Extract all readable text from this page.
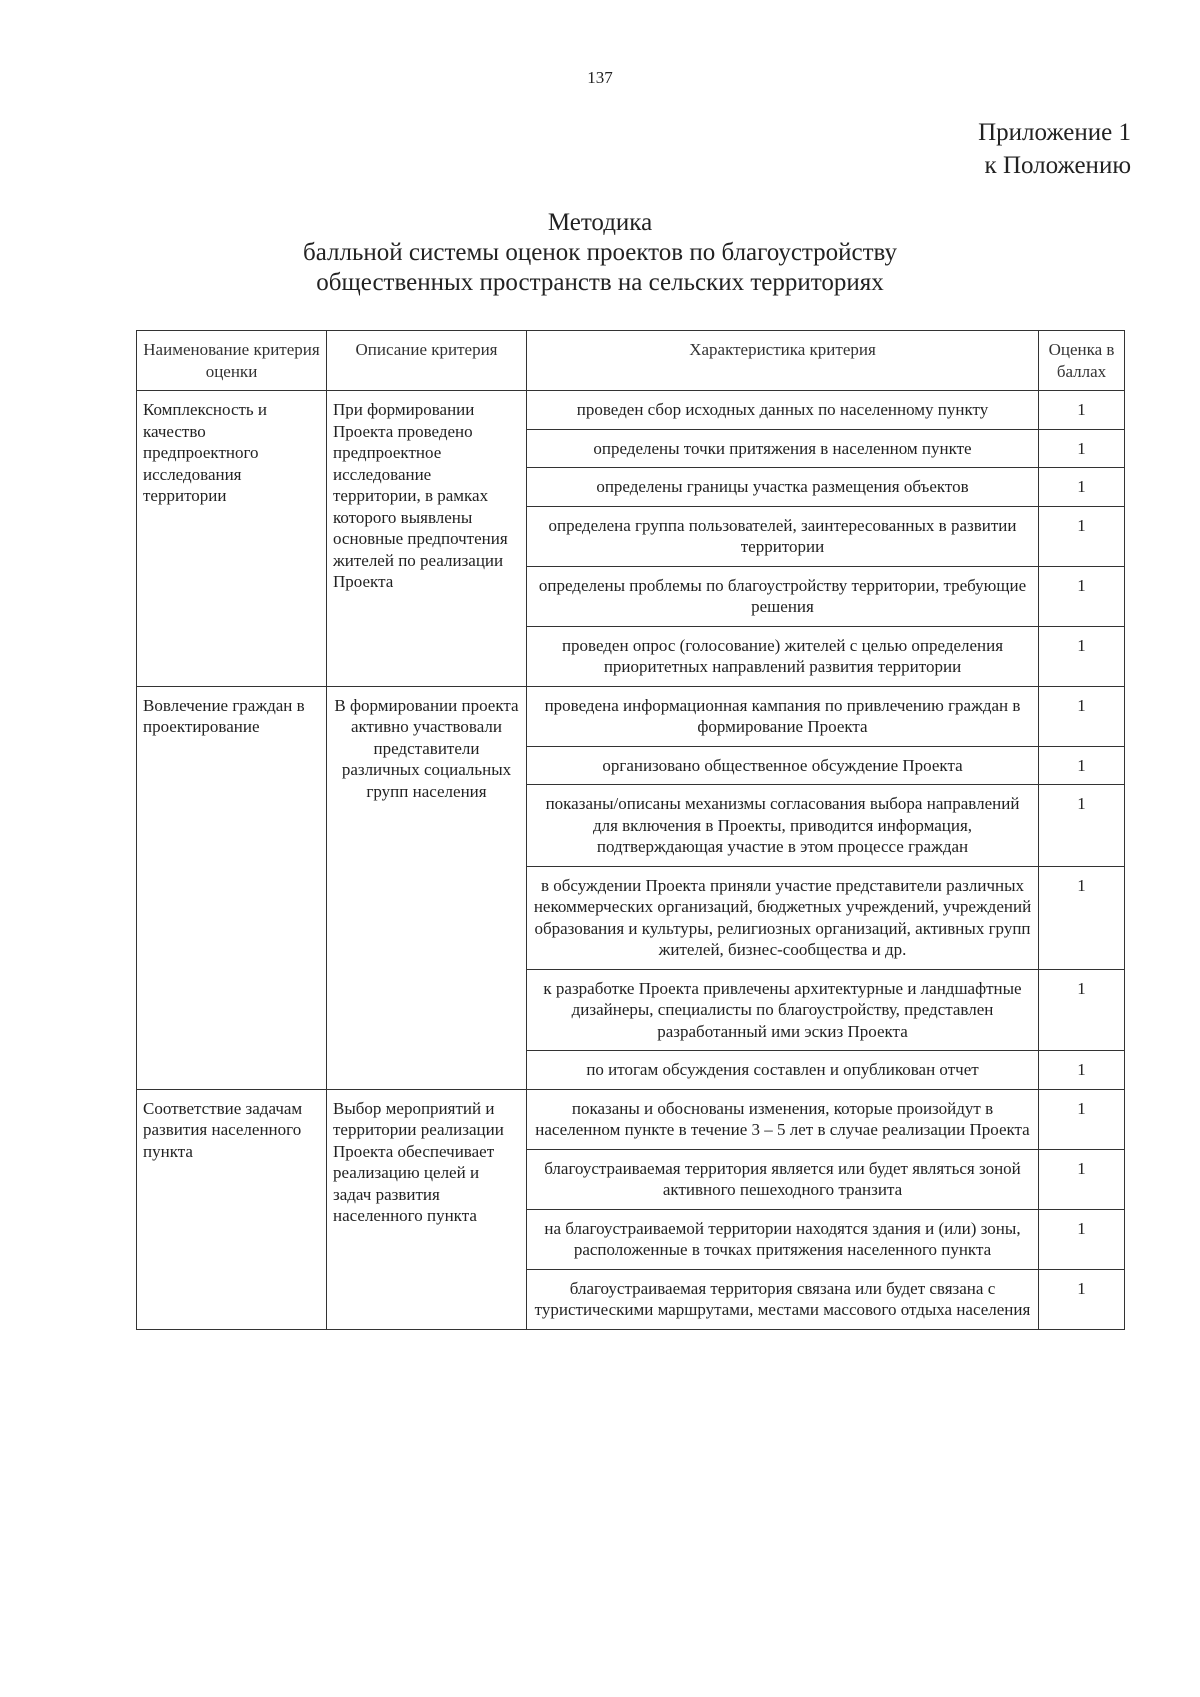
137
Приложение 1
к Положению
Методика
балльной системы оценок проектов по благоустройству
общественных пространств на сельских территориях
Наименование критерия оценки	Описание критерия	Характеристика критерия	Оценка в баллах
Комплексность и качество предпроектного исследования территории	При формировании Проекта проведено предпроектное исследование территории, в рамках которого выявлены основные предпочтения жителей по реализации Проекта	проведен сбор исходных данных по населенному пункту	1
		определены точки притяжения в населенном пункте	1
		определены границы участка размещения объектов	1
		определена группа пользователей, заинтересованных в развитии территории	1
		определены проблемы по благоустройству территории, требующие решения	1
		проведен опрос (голосование) жителей с целью определения приоритетных направлений развития территории	1
Вовлечение граждан в проектирование	В формировании проекта активно участвовали представители различных социальных групп населения	проведена информационная кампания по привлечению граждан в формирование Проекта	1
		организовано общественное обсуждение Проекта	1
		показаны/описаны механизмы согласования выбора направлений для включения в Проекты, приводится информация, подтверждающая участие в этом процессе граждан	1
		в обсуждении Проекта приняли участие представители различных некоммерческих организаций, бюджетных учреждений, учреждений образования и культуры, религиозных организаций, активных групп жителей, бизнес-сообщества и др.	1
		к разработке Проекта привлечены архитектурные и ландшафтные дизайнеры, специалисты по благоустройству, представлен разработанный ими эскиз Проекта	1
		по итогам обсуждения составлен и опубликован отчет	1
Соответствие задачам развития населенного пункта	Выбор мероприятий и территории реализации Проекта обеспечивает реализацию целей и задач развития населенного пункта	показаны и обоснованы изменения, которые произойдут в населенном пункте в течение 3 – 5 лет в случае реализации Проекта	1
		благоустраиваемая территория является или будет являться зоной активного пешеходного транзита	1
		на благоустраиваемой территории находятся здания и (или) зоны, расположенные в точках притяжения населенного пункта	1
		благоустраиваемая территория связана или будет связана с туристическими маршрутами, местами массового отдыха населения	1
